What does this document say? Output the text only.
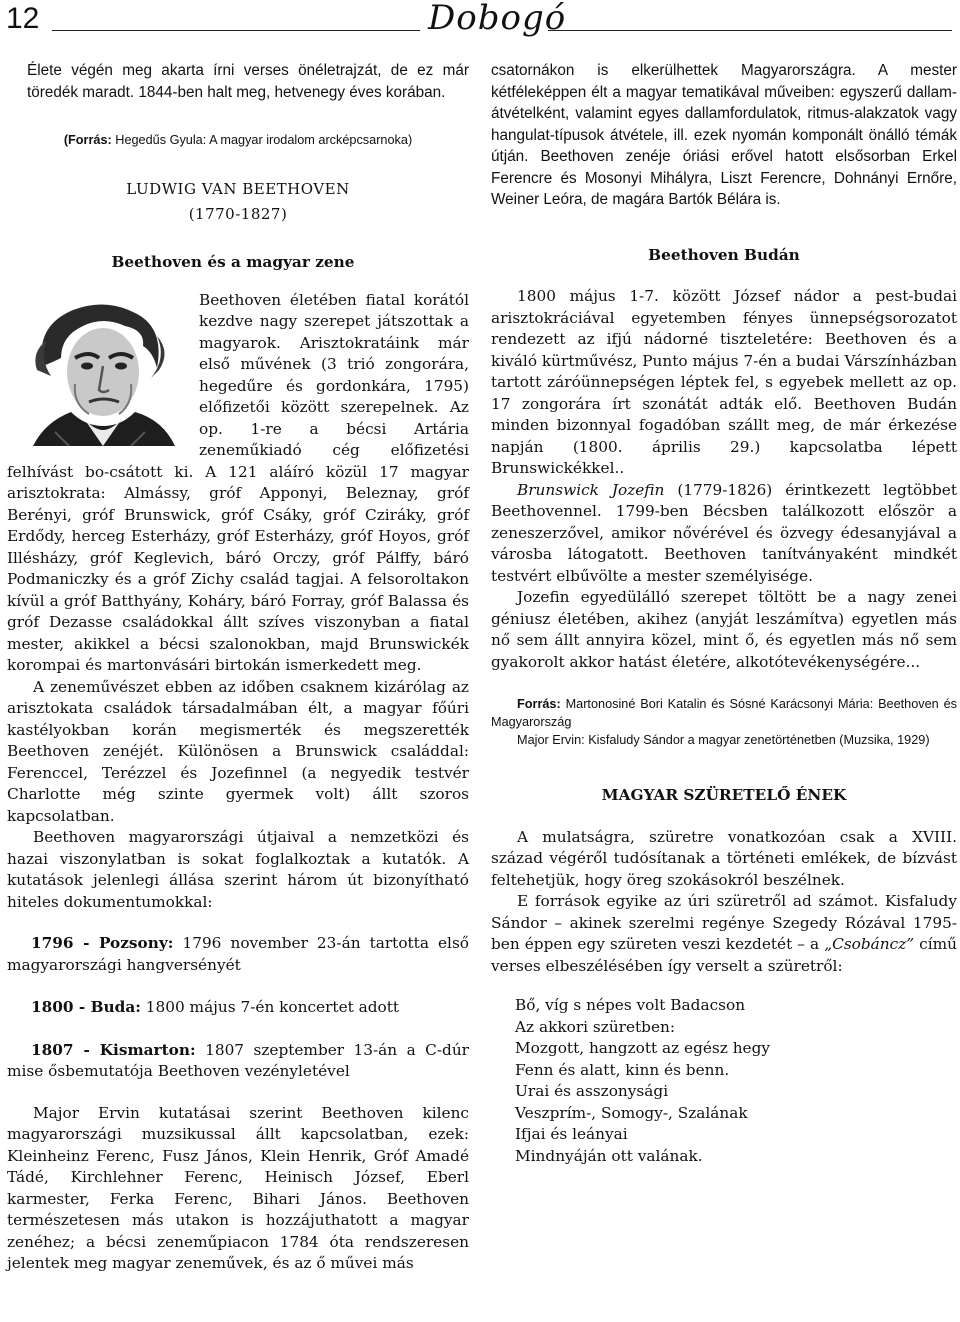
12	Dobogó

Élete végén meg akarta írni verses önéletrajzát, de ez már töredék maradt. 1844-ben halt meg, hetvenegy éves korában.

(Forrás: Hegedűs Gyula: A magyar irodalom arcképcsarnoka)

LUDWIG VAN BEETHOVEN

(1770-1827)

Beethoven és a magyar zene

Beethoven életében fiatal korától kezdve nagy szerepet játszottak a magyarok. Arisztokratáink már első művének (3 trió zongorára, hegedűre és gordonkára, 1795) előfizetői között szerepelnek. Az op. 1-re a bécsi Artária zeneműkiadó cég előfizetési felhívást bo-csátott ki. A 121 aláíró közül 17 magyar arisztokrata: Almássy, gróf Apponyi, Beleznay, gróf Berényi, gróf Brunswick, gróf Csáky, gróf Cziráky, gróf Erdődy, herceg Esterházy, gróf Esterházy, gróf Hoyos, gróf Illésházy, gróf Keglevich, báró Orczy, gróf Pálffy, báró Podmaniczky és a gróf Zichy család tagjai. A felsoroltakon kívül a gróf Batthyány, Koháry, báró Forray, gróf Balassa és gróf Dezasse családokkal állt szíves viszonyban a fiatal mester, akikkel a bécsi szalonokban, majd Brunswickék korompai és martonvásári birtokán ismerkedett meg.

A zeneművészet ebben az időben csaknem kizárólag az arisztokata családok társadalmában élt, a magyar főúri kastélyokban korán megismerték és megszerették Beethoven zenéjét. Különösen a Brunswick családdal: Ferenccel, Terézzel és Jozefinnel (a negyedik testvér Charlotte még szinte gyermek volt) állt szoros kapcsolatban.

Beethoven magyarországi útjaival a nemzetközi és hazai viszonylatban is sokat foglalkoztak a kutatók. A kutatások jelenlegi állása szerint három út bizonyítható hiteles dokumentumokkal:

1796 - Pozsony: 1796 november 23-án tartotta első magyarországi hangversényét

1800 - Buda: 1800 május 7-én koncertet adott

1807 - Kismarton: 1807 szeptember 13-án a C-dúr mise ősbemutatója Beethoven vezényletével

Major Ervin kutatásai szerint Beethoven kilenc magyarországi muzsikussal állt kapcsolatban, ezek: Kleinheinz Ferenc, Fusz János, Klein Henrik, Gróf Amadé Tádé, Kirchlehner Ferenc, Heinisch József, Eberl karmester, Ferka Ferenc, Bihari János. Beethoven természetesen más utakon is hozzájuthatott a magyar zenéhez; a bécsi zeneműpiacon 1784 óta rendszeresen jelentek meg magyar zeneművek, és az ő művei más

csatornákon is elkerülhettek Magyarországra. A mester kétféleképpen élt a magyar tematikával műveiben: egyszerű dallam-átvételként, valamint egyes dallamfordulatok, ritmus-alakzatok vagy hangulat-típusok átvétele, ill. ezek nyomán komponált önálló témák útján. Beethoven zenéje óriási erővel hatott elsősorban Erkel Ferencre és Mosonyi Mihályra, Liszt Ferencre, Dohnányi Ernőre, Weiner Leóra, de magára Bartók Bélára is.

Beethoven Budán

1800 május 1-7. között József nádor a pest-budai arisztokráciával egyetemben fényes ünnepségsorozatot rendezett az ifjú nádorné tiszteletére: Beethoven és a kiváló kürtművész, Punto május 7-én a budai Várszínházban tartott záróünnepségen léptek fel, s egyebek mellett az op. 17 zongorára írt szonátát adták elő. Beethoven Budán minden bizonnyal fogadóban szállt meg, de már érkezése napján (1800. április 29.) kapcsolatba lépett Brunswickékkel..

Brunswick Jozefin (1779-1826) érintkezett legtöbbet Beethovennel. 1799-ben Bécsben találkozott először a zeneszerzővel, amikor nővérével és özvegy édesanyjával a városba látogatott. Beethoven tanítványaként mindkét testvért elbűvölte a mester személyisége.

Jozefin egyedülálló szerepet töltött be a nagy zenei géniusz életében, akihez (anyját leszámítva) egyetlen más nő sem állt annyira közel, mint ő, és egyetlen más nő sem gyakorolt akkor hatást életére, alkotótevékenységére...

Forrás: Martonosiné Bori Katalin és Sósné Karácsonyi Mária: Beethoven és Magyarország

Major Ervin: Kisfaludy Sándor a magyar zenetörténetben (Muzsika, 1929)

MAGYAR SZÜRETELŐ ÉNEK

A mulatságra, szüretre vonatkozóan csak a XVIII. század végéről tudósítanak a történeti emlékek, de bízvást feltehetjük, hogy öreg szokásokról beszélnek.

E források egyike az úri szüretről ad számot. Kisfaludy Sándor – akinek szerelmi regénye Szegedy Rózával 1795-ben éppen egy szüreten veszi kezdetét – a „Csobáncz” című verses elbeszélésében így verselt a szüretről:

Bő, víg s népes volt Badacson

Az akkori szüretben:

Mozgott, hangzott az egész hegy

Fenn és alatt, kinn és benn.

Urai és asszonysági

Veszprím-, Somogy-, Szalának

Ifjai és leányai

Mindnyáján ott valának.
